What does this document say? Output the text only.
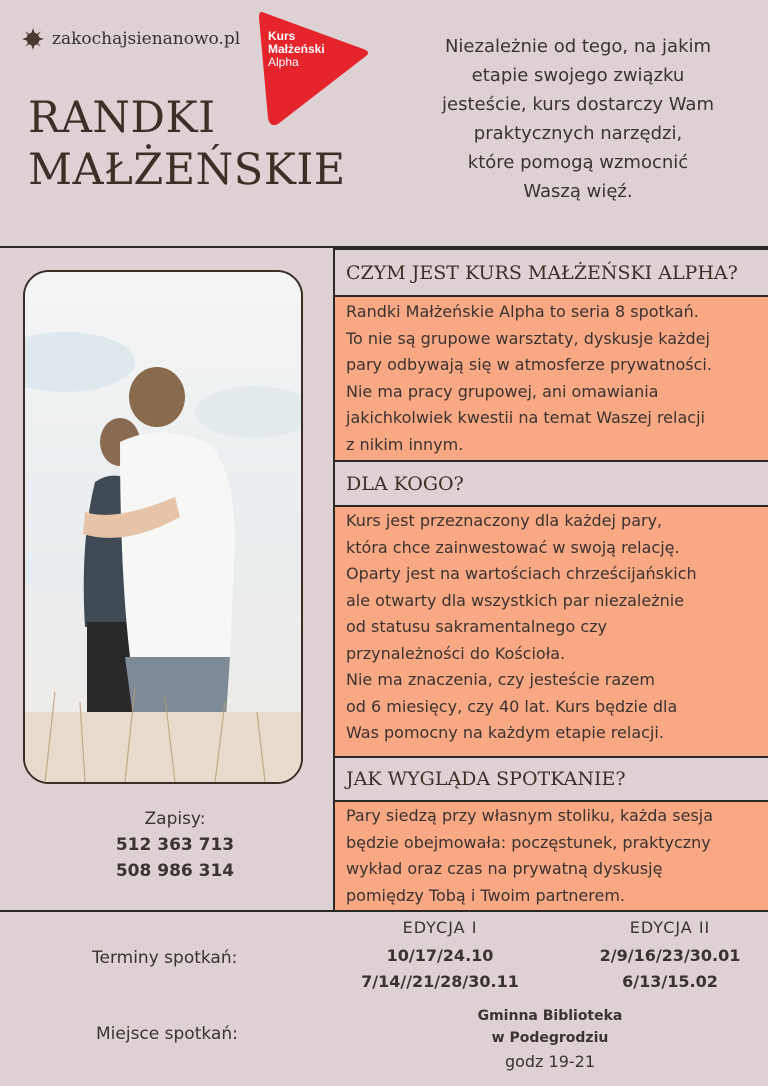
zakochajsienanowo.pl
RANDKI
MAŁŻEŃSKIE
Kurs
Małżeński
Alpha
Niezależnie od tego, na jakim
etapie swojego związku
jesteście, kurs dostarczy Wam
praktycznych narzędzi,
które pomogą wzmocnić
Waszą więź.
Zapisy:
512 363 713
508 986 314
CZYM JEST KURS MAŁŻEŃSKI ALPHA?
Randki Małżeńskie Alpha to seria 8 spotkań.
To nie są grupowe warsztaty, dyskusje każdej
pary odbywają się w atmosferze prywatności.
Nie ma pracy grupowej, ani omawiania
jakichkolwiek kwestii na temat Waszej relacji
z nikim innym.
DLA KOGO?
Kurs jest przeznaczony dla każdej pary,
która chce zainwestować w swoją relację.
Oparty jest na wartościach chrześcijańskich
ale otwarty dla wszystkich par niezależnie
od statusu sakramentalnego czy
przynależności do Kościoła.
Nie ma znaczenia, czy jesteście razem
od 6 miesięcy, czy 40 lat. Kurs będzie dla
Was pomocny na każdym etapie relacji.
JAK WYGLĄDA SPOTKANIE?
Pary siedzą przy własnym stoliku, każda sesja
będzie obejmowała: poczęstunek, praktyczny
wykład oraz czas na prywatną dyskusję
pomiędzy Tobą i Twoim partnerem.
Terminy spotkań:
EDYCJA I
10/17/24.10
7/14//21/28/30.11
EDYCJA II
2/9/16/23/30.01
6/13/15.02
Miejsce spotkań:
Gminna Biblioteka
w Podegrodziu
godz 19-21
